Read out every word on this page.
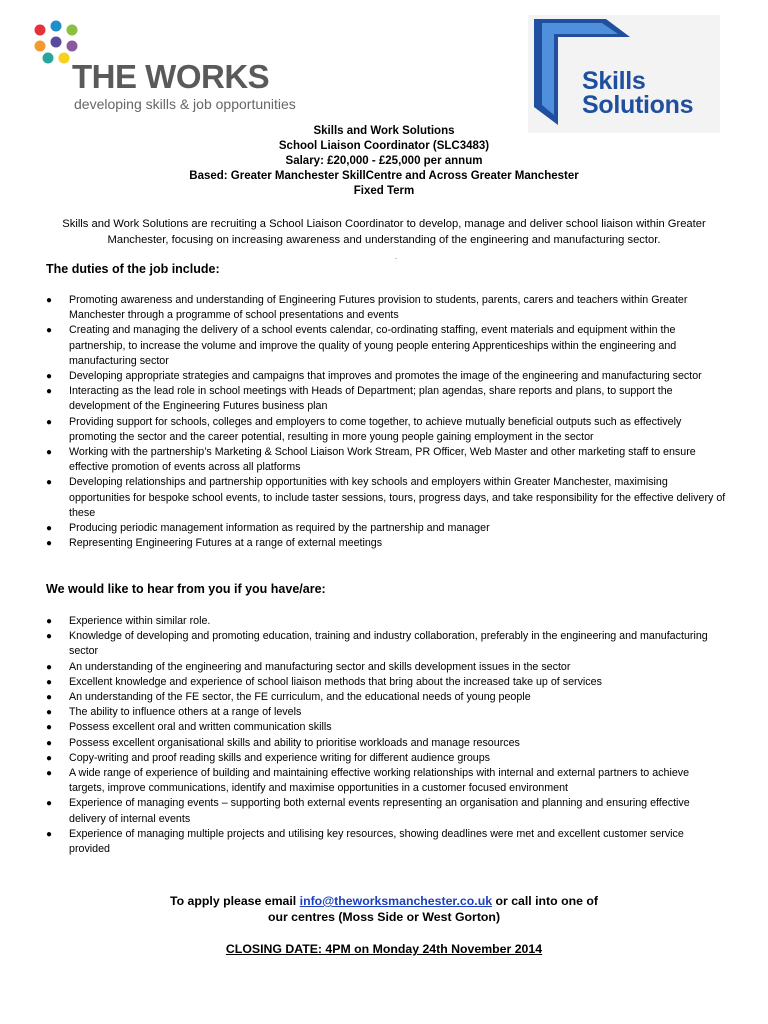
THE WORKS
developing skills & job opportunities
Skills
Solutions
Skills and Work Solutions
School Liaison Coordinator (SLC3483)
Salary: £20,000 - £25,000 per annum
Based: Greater Manchester SkillCentre and Across Greater Manchester
Fixed Term
Skills and Work Solutions are recruiting a School Liaison Coordinator to develop, manage and deliver school liaison within Greater Manchester, focusing on increasing awareness and understanding of the engineering and manufacturing sector.
.
The duties of the job include:
● Promoting awareness and understanding of Engineering Futures provision to students, parents, carers and teachers within Greater Manchester through a programme of school presentations and events
● Creating and managing the delivery of a school events calendar, co-ordinating staffing, event materials and equipment within the partnership, to increase the volume and improve the quality of young people entering Apprenticeships within the engineering and manufacturing sector
● Developing appropriate strategies and campaigns that improves and promotes the image of the engineering and manufacturing sector
● Interacting as the lead role in school meetings with Heads of Department; plan agendas, share reports and plans, to support the development of the Engineering Futures business plan
● Providing support for schools, colleges and employers to come together, to achieve mutually beneficial outputs such as effectively promoting the sector and the career potential, resulting in more young people gaining employment in the sector
● Working with the partnership’s Marketing & School Liaison Work Stream, PR Officer, Web Master and other marketing staff to ensure effective promotion of events across all platforms
● Developing relationships and partnership opportunities with key schools and employers within Greater Manchester, maximising opportunities for bespoke school events, to include taster sessions, tours, progress days, and take responsibility for the effective delivery of these
● Producing periodic management information as required by the partnership and manager
● Representing Engineering Futures at a range of external meetings
We would like to hear from you if you have/are:
● Experience within similar role.
● Knowledge of developing and promoting education, training and industry collaboration, preferably in the engineering and manufacturing sector
● An understanding of the engineering and manufacturing sector and skills development issues in the sector
● Excellent knowledge and experience of school liaison methods that bring about the increased take up of services
● An understanding of the FE sector, the FE curriculum, and the educational needs of young people
● The ability to influence others at a range of levels
● Possess excellent oral and written communication skills
● Possess excellent organisational skills and ability to prioritise workloads and manage resources
● Copy-writing and proof reading skills and experience writing for different audience groups
● A wide range of experience of building and maintaining effective working relationships with internal and external partners to achieve targets, improve communications, identify and maximise opportunities in a customer focused environment
● Experience of managing events – supporting both external events representing an organisation and planning and ensuring effective delivery of internal events
● Experience of managing multiple projects and utilising key resources, showing deadlines were met and excellent customer service provided
To apply please email info@theworksmanchester.co.uk or call into one of
our centres (Moss Side or West Gorton)
CLOSING DATE: 4PM on Monday 24th November 2014
